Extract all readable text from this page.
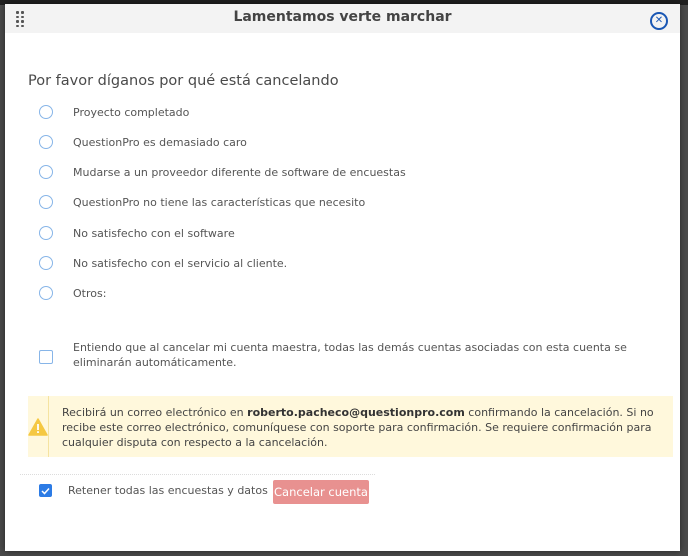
Lamentamos verte marchar	✕
Por favor díganos por qué está cancelando
Proyecto completado
QuestionPro es demasiado caro
Mudarse a un proveedor diferente de software de encuestas
QuestionPro no tiene las características que necesito
No satisfecho con el software
No satisfecho con el servicio al cliente.
Otros:
Entiendo que al cancelar mi cuenta maestra, todas las demás cuentas asociadas con esta cuenta se eliminarán automáticamente.
Recibirá un correo electrónico en roberto.pacheco@questionpro.com confirmando la cancelación. Si no recibe este correo electrónico, comuníquese con soporte para confirmación. Se requiere confirmación para cualquier disputa con respecto a la cancelación.
Retener todas las encuestas y datos Cancelar cuenta
